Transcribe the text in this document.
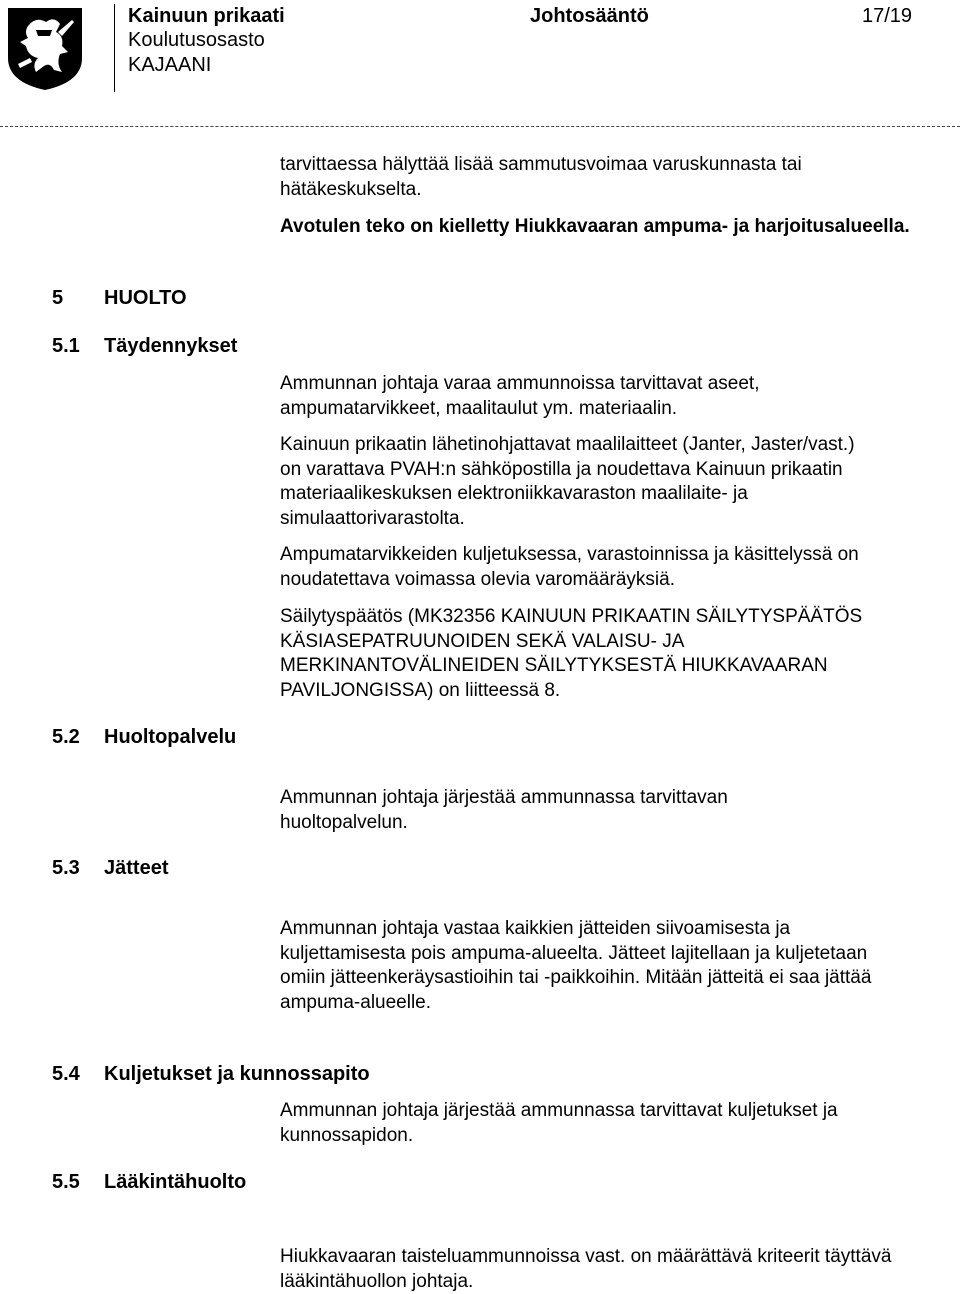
Kainuun prikaati
Koulutusosasto
KAJAANI
Johtosääntö	17/19

tarvittaessa hälyttää lisää sammutusvoimaa varuskunnasta tai hätäkeskukselta.

Avotulen teko on kielletty Hiukkavaaran ampuma- ja harjoitusalueella.

5 HUOLTO
5.1 Täydennykset
5.2 Huoltopalvelu
5.3 Jätteet
5.4 Kuljetukset ja kunnossapito
5.5 Lääkintähuolto

Ammunnan johtaja varaa ammunnoissa tarvittavat aseet, ampumatarvikkeet, maalitaulut ym. materiaalin.

Kainuun prikaatin lähetinohjattavat maalilaitteet (Janter, Jaster/vast.) on varattava PVAH:n sähköpostilla ja noudettava Kainuun prikaatin materiaalikeskuksen elektroniikkavaraston maalilaite- ja simulaattorivarastolta.

Ampumatarvikkeiden kuljetuksessa, varastoinnissa ja käsittelyssä on noudatettava voimassa olevia varomääräyksiä.

Säilytyspäätös (MK32356 KAINUUN PRIKAATIN SÄILYTYSPÄÄTÖS KÄSIASEPATRUUNOIDEN SEKÄ VALAISU- JA MERKINANTOVÄLINEIDEN SÄILYTYKSESTÄ HIUKKAVAARAN PAVILJONGISSA) on liitteessä 8.

Ammunnan johtaja järjestää ammunnassa tarvittavan huoltopalvelun.

Ammunnan johtaja vastaa kaikkien jätteiden siivoamisesta ja kuljettamisesta pois ampuma-alueelta. Jätteet lajitellaan ja kuljetetaan omiin jätteenkeräysastioihin tai -paikkoihin. Mitään jätteitä ei saa jättää ampuma-alueelle.

Ammunnan johtaja järjestää ammunnassa tarvittavat kuljetukset ja kunnossapidon.

Hiukkavaaran taisteluammunnoissa vast. on määrättävä kriteerit täyttävä lääkintähuollon johtaja.
